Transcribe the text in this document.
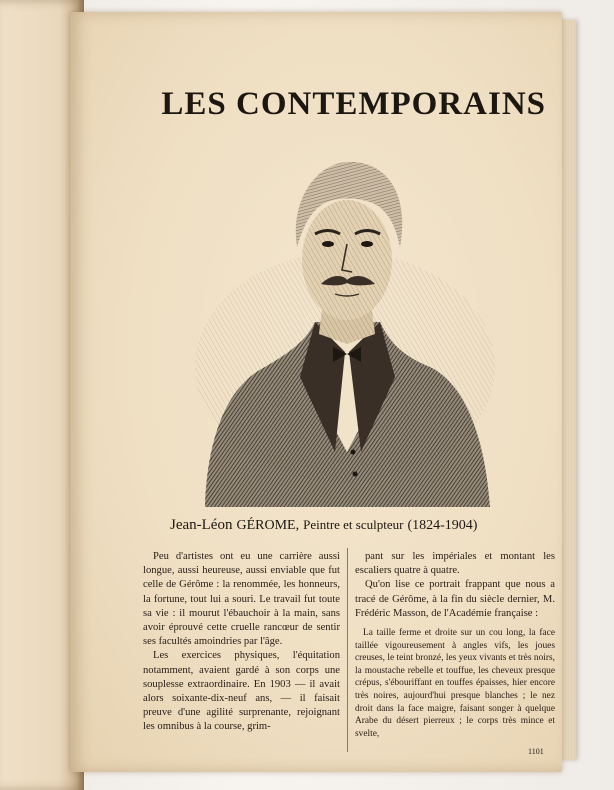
LES CONTEMPORAINS
Jean-Léon GÉROME, Peintre et sculpteur (1824-1904)

Peu d'artistes ont eu une carrière aussi longue, aussi heureuse, aussi enviable que fut celle de Gérôme : la renommée, les honneurs, la fortune, tout lui a souri. Le travail fut toute sa vie : il mourut l'ébauchoir à la main, sans avoir éprouvé cette cruelle rancœur de sentir ses facultés amoindries par l'âge.

Les exercices physiques, l'équitation notamment, avaient gardé à son corps une souplesse extraordinaire. En 1903 — il avait alors soixante-dix-neuf ans, — il faisait preuve d'une agilité surprenante, rejoignant les omnibus à la course, grim-

pant sur les impériales et montant les escaliers quatre à quatre.

Qu'on lise ce portrait frappant que nous a tracé de Gérôme, à la fin du siècle dernier, M. Frédéric Masson, de l'Académie française :

La taille ferme et droite sur un cou long, la face taillée vigoureusement à angles vifs, les joues creuses, le teint bronzé, les yeux vivants et très noirs, la moustache rebelle et touffue, les cheveux presque crépus, s'ébouriffant en touffes épaisses, hier encore très noires, aujourd'hui presque blanches ; le nez droit dans la face maigre, faisant songer à quelque Arabe du désert pierreux ; le corps très mince et svelte,

1101
